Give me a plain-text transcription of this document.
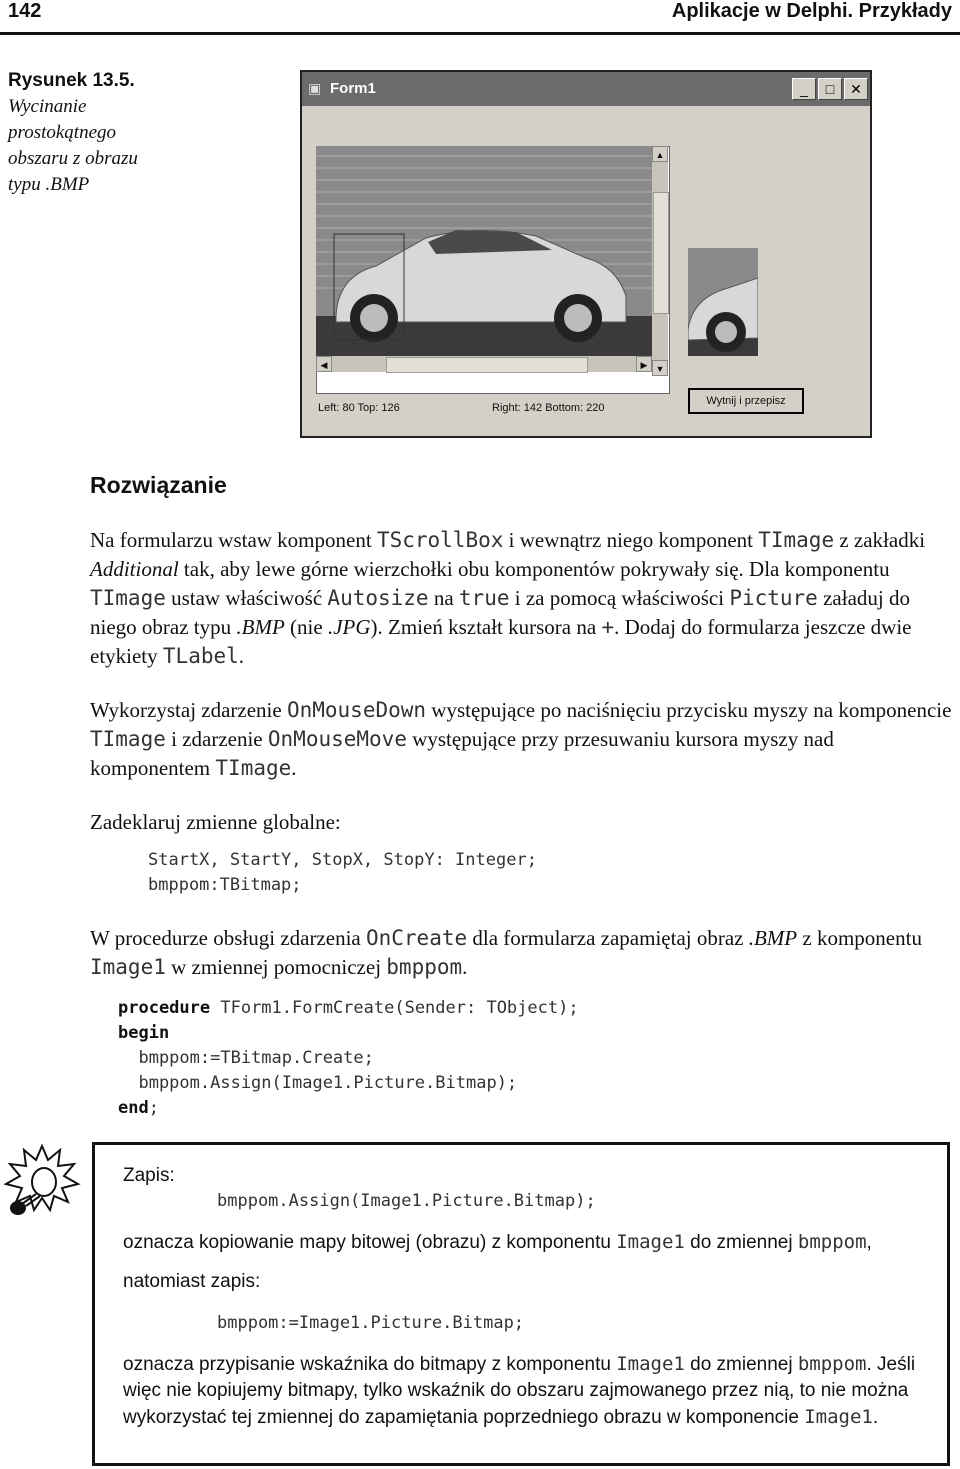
142	Aplikacje w Delphi. Przykłady
Rysunek 13.5.
Wycinanie prostokątnego obszaru z obrazu typu .BMP
▣ Form1	_	□	✕
▲
▼
◀	▶
Left: 80 Top: 126	Right: 142 Bottom: 220
Wytnij i przepisz
Rozwiązanie
Na formularzu wstaw komponent TScrollBox i wewnątrz niego komponent TImage z zakładki Additional tak, aby lewe górne wierzchołki obu komponentów pokrywały się. Dla komponentu TImage ustaw właściwość Autosize na true i za pomocą właściwości Picture załaduj do niego obraz typu .BMP (nie .JPG). Zmień kształt kursora na +. Dodaj do formularza jeszcze dwie etykiety TLabel.
Wykorzystaj zdarzenie OnMouseDown występujące po naciśnięciu przycisku myszy na komponencie TImage i zdarzenie OnMouseMove występujące przy przesuwaniu kursora myszy nad komponentem TImage.
Zadeklaruj zmienne globalne:
StartX, StartY, StopX, StopY: Integer;
bmppom:TBitmap;
W procedurze obsługi zdarzenia OnCreate dla formularza zapamiętaj obraz .BMP z komponentu Image1 w zmiennej pomocniczej bmppom.
procedure TForm1.FormCreate(Sender: TObject);
begin
bmppom:=TBitmap.Create;
bmppom.Assign(Image1.Picture.Bitmap);
end;
Zapis:
bmppom.Assign(Image1.Picture.Bitmap);
oznacza kopiowanie mapy bitowej (obrazu) z komponentu Image1 do zmiennej bmppom,
natomiast zapis:
bmppom:=Image1.Picture.Bitmap;
oznacza przypisanie wskaźnika do bitmapy z komponentu Image1 do zmiennej bmppom. Jeśli więc nie kopiujemy bitmapy, tylko wskaźnik do obszaru zajmowanego przez nią, to nie można wykorzystać tej zmiennej do zapamiętania poprzedniego obrazu w komponencie Image1.
